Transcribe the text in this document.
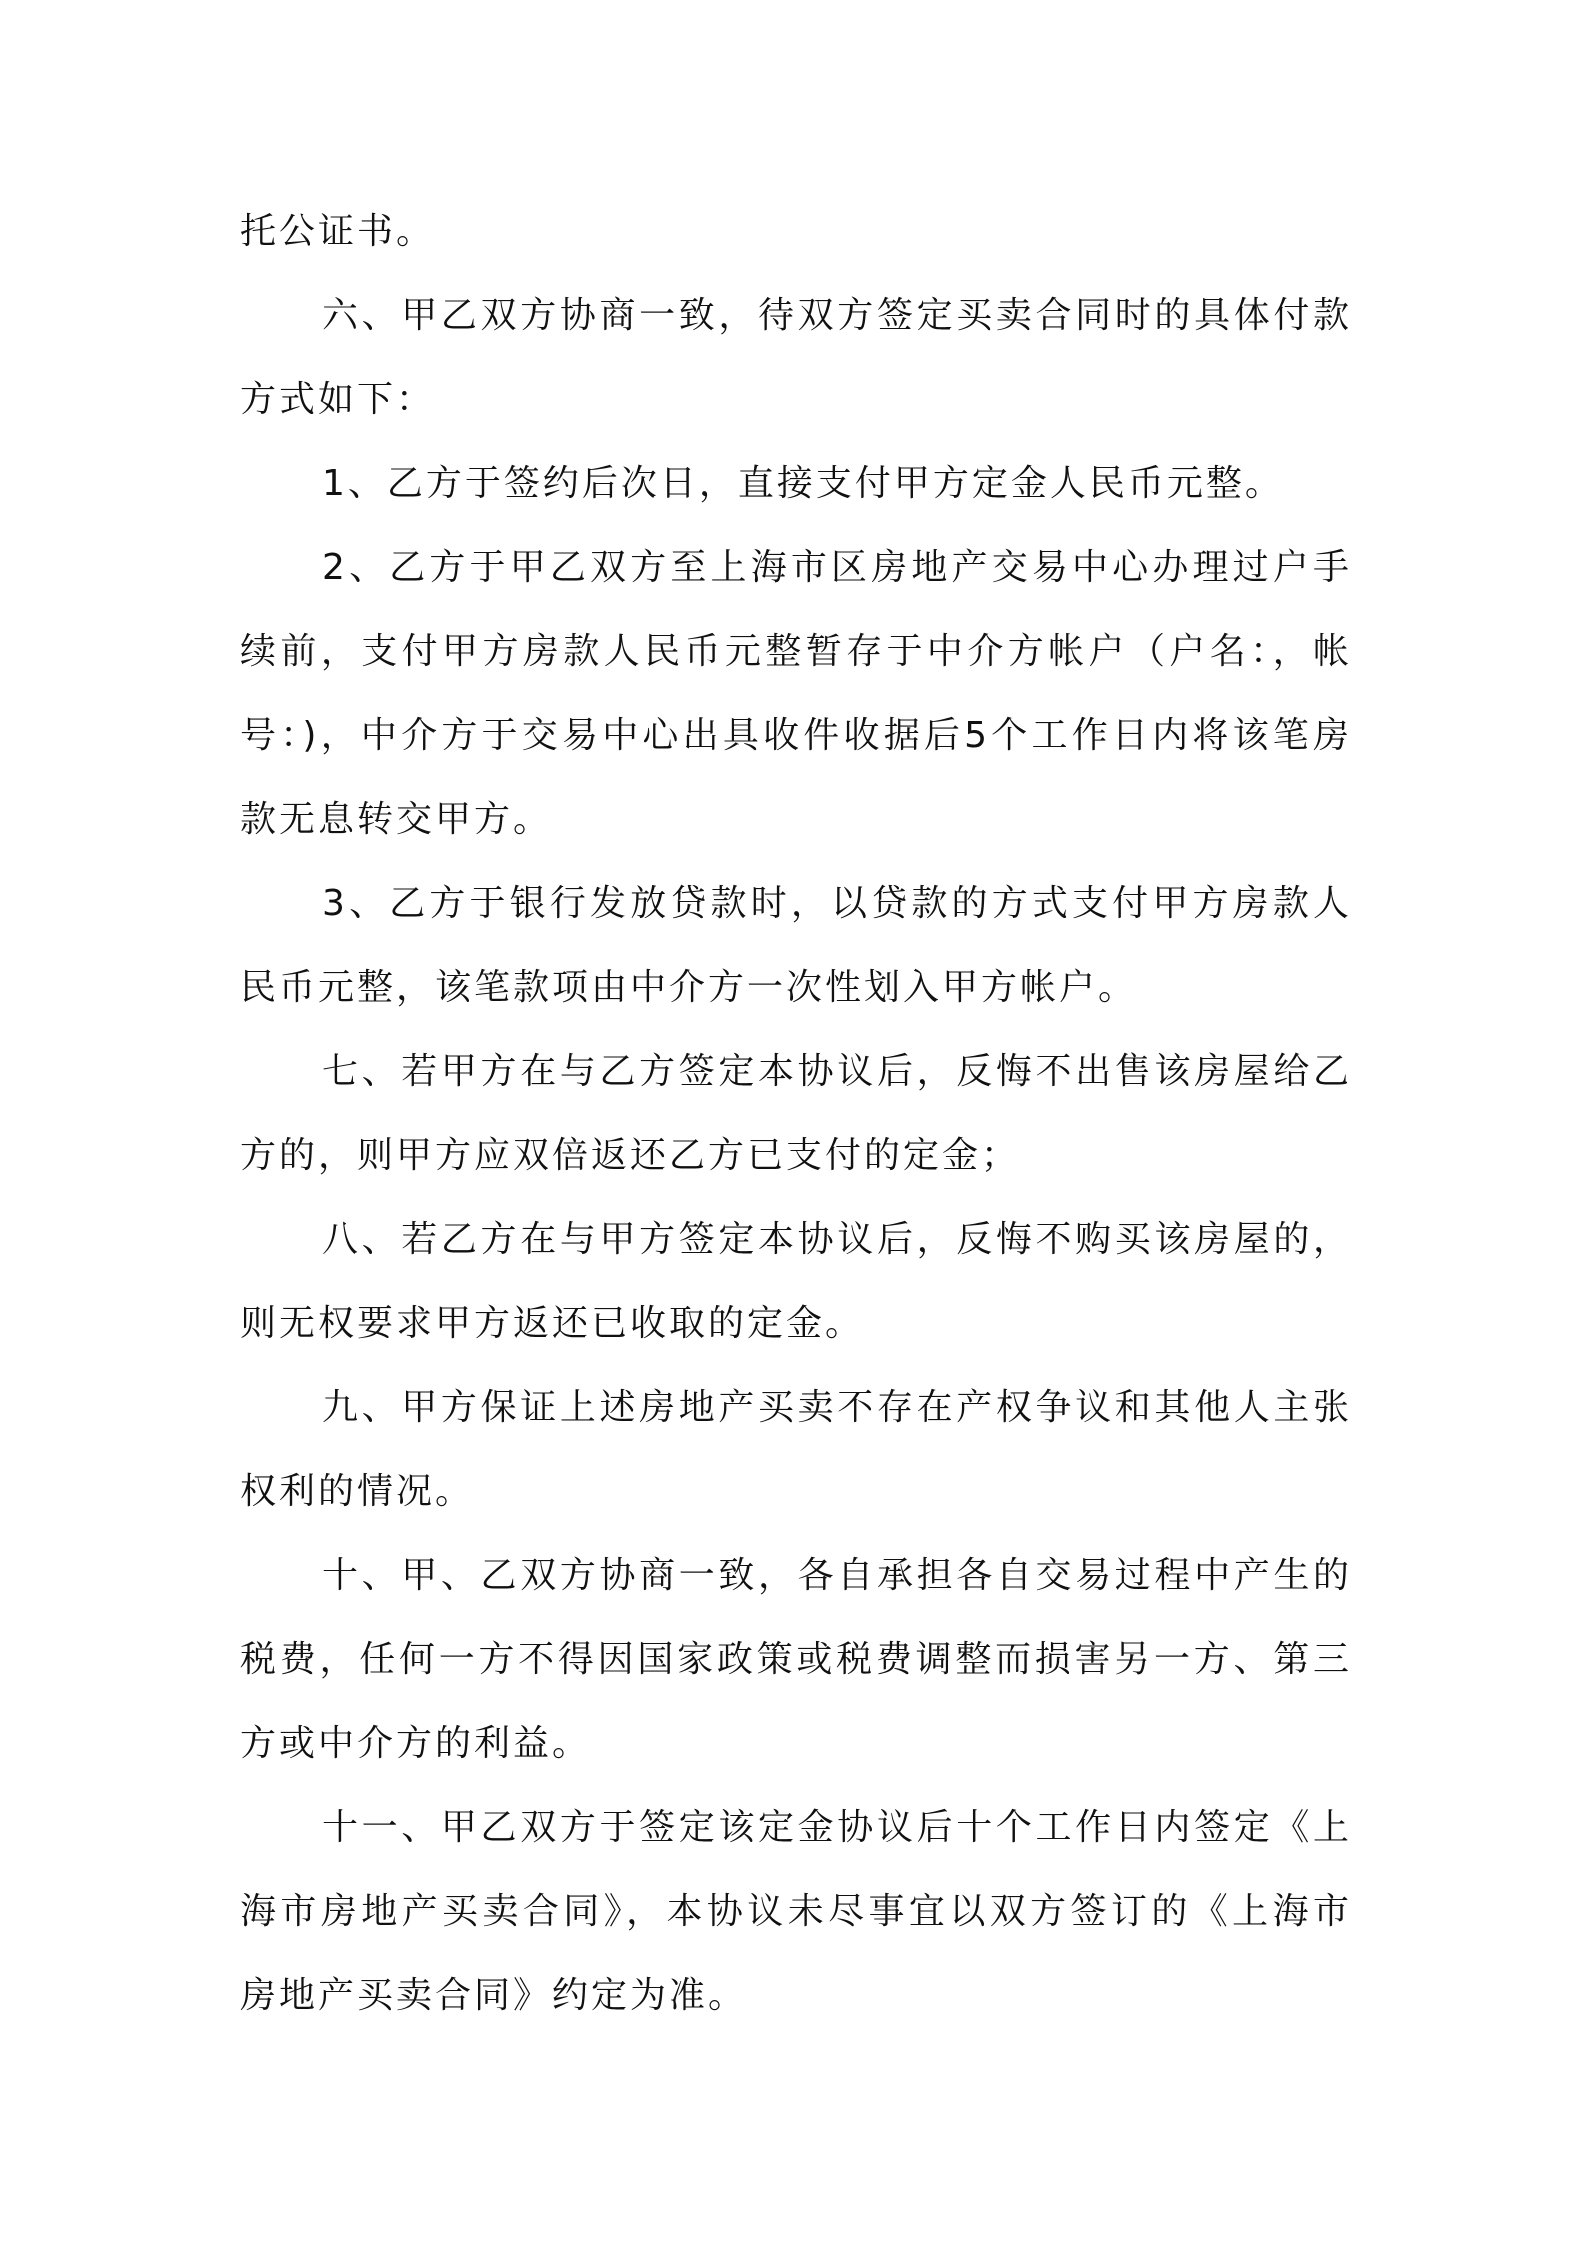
托公证书。

六、甲乙双方协商一致，待双方签定买卖合同时的具体付款方式如下：

1、乙方于签约后次日，直接支付甲方定金人民币元整。

2、乙方于甲乙双方至上海市区房地产交易中心办理过户手续前，支付甲方房款人民币元整暂存于中介方帐户（户名：，帐号：)，中介方于交易中心出具收件收据后5个工作日内将该笔房款无息转交甲方。

3、乙方于银行发放贷款时，以贷款的方式支付甲方房款人民币元整，该笔款项由中介方一次性划入甲方帐户。

七、若甲方在与乙方签定本协议后，反悔不出售该房屋给乙方的，则甲方应双倍返还乙方已支付的定金；

八、若乙方在与甲方签定本协议后，反悔不购买该房屋的，则无权要求甲方返还已收取的定金。

九、甲方保证上述房地产买卖不存在产权争议和其他人主张权利的情况。

十、甲、乙双方协商一致，各自承担各自交易过程中产生的税费，任何一方不得因国家政策或税费调整而损害另一方、第三方或中介方的利益。

十一、甲乙双方于签定该定金协议后十个工作日内签定《上海市房地产买卖合同》，本协议未尽事宜以双方签订的《上海市房地产买卖合同》约定为准。
